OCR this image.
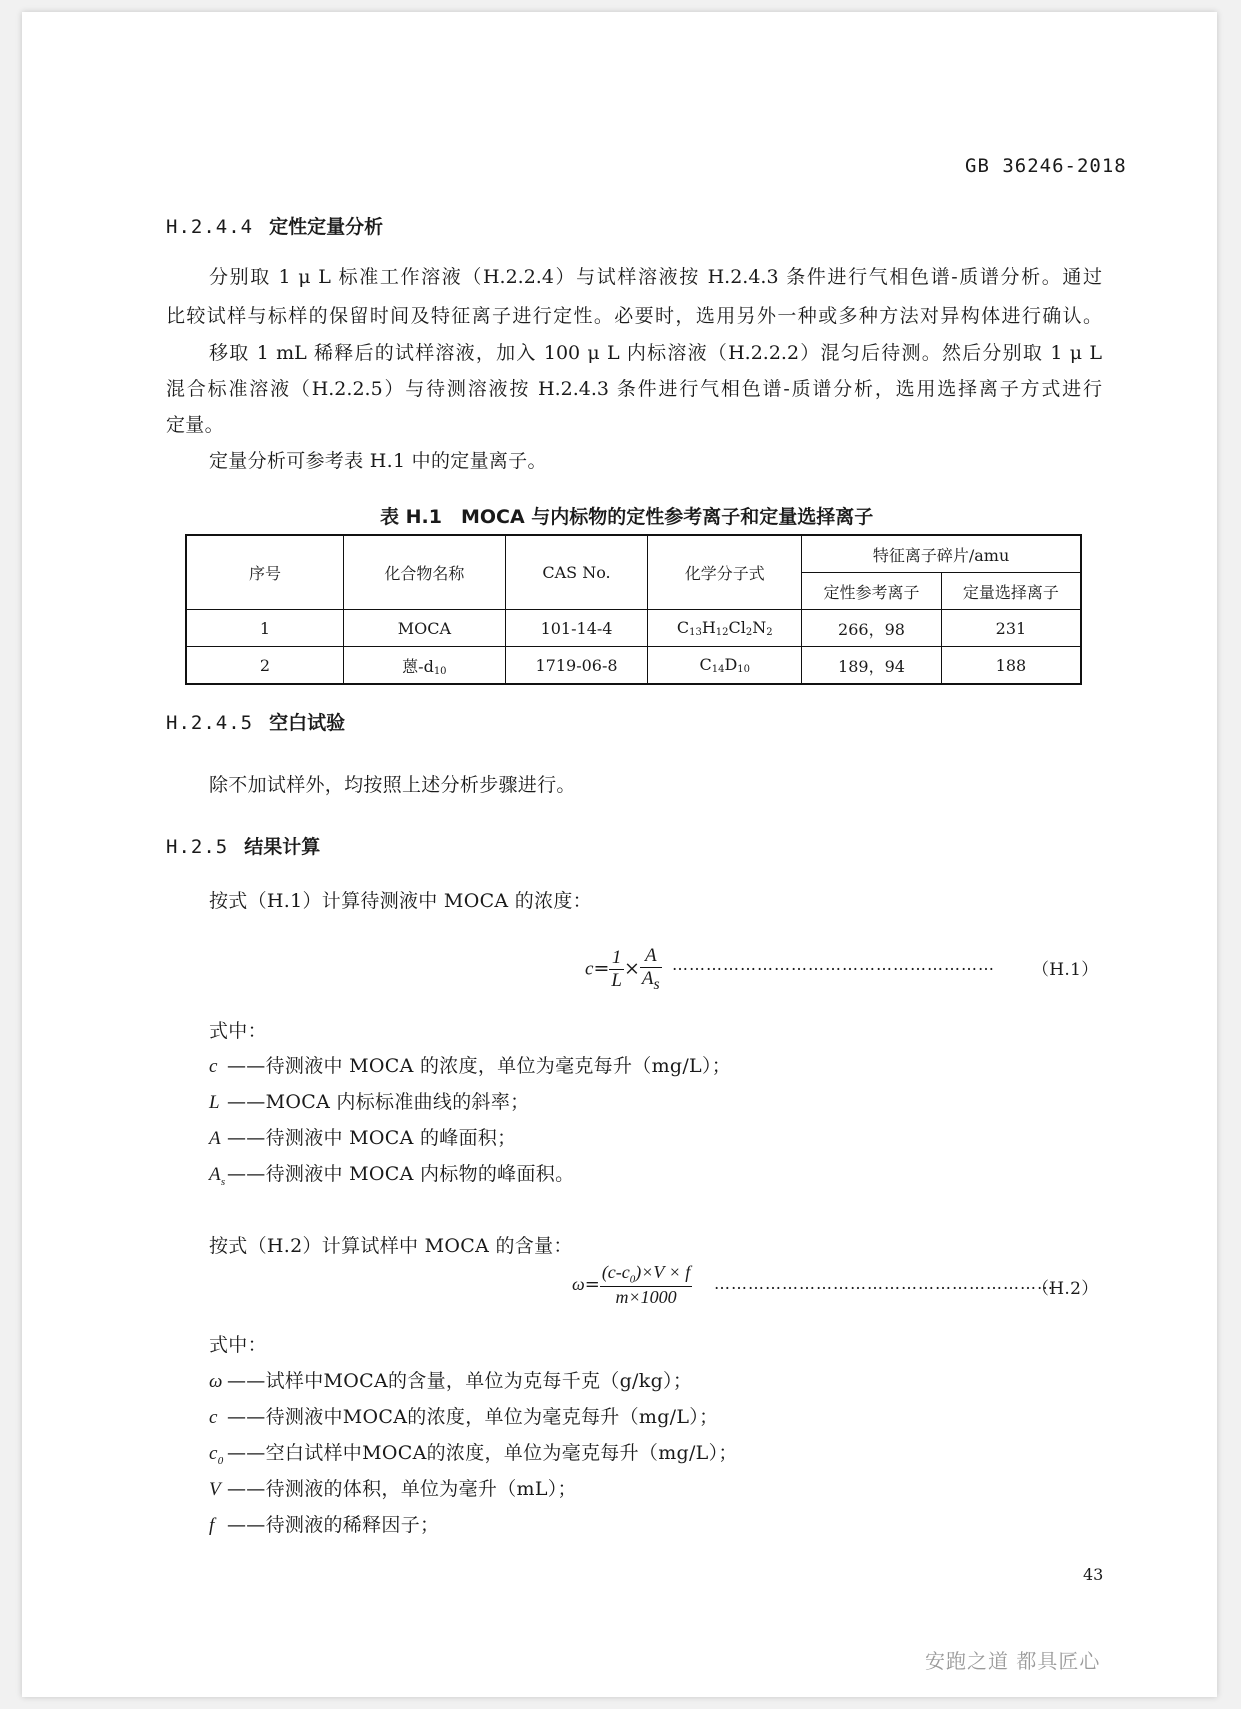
GB 36246-2018
H.2.4.4 定性定量分析
分别取 1 μ L 标准工作溶液（H.2.2.4）与试样溶液按 H.2.4.3 条件进行气相色谱-质谱分析。通过
比较试样与标样的保留时间及特征离子进行定性。必要时，选用另外一种或多种方法对异构体进行确认。
移取 1 mL 稀释后的试样溶液，加入 100 μ L 内标溶液（H.2.2.2）混匀后待测。然后分别取 1 μ L
混合标准溶液（H.2.2.5）与待测溶液按 H.2.4.3 条件进行气相色谱-质谱分析，选用选择离子方式进行
定量。
定量分析可参考表 H.1 中的定量离子。
表 H.1　MOCA 与内标物的定性参考离子和定量选择离子
序号	化合物名称	CAS No.	化学分子式	特征离子碎片/amu	
				定性参考离子	定量选择离子
1	MOCA	101-14-4	$C_{13}H_{12}Cl_2N_2$	266，98	231
2	蒽$-d_{10}$	1719-06-8	$C_{14}D_{10}$	189，94	188
H.2.4.5 空白试验
除不加试样外，均按照上述分析步骤进行。
H.2.5 结果计算
按式（H.1）计算待测液中 MOCA 的浓度：
$c= \frac{1}{L} \times \frac{A}{A_s}$ ………………………………………………… （H.1）
式中：
c ——待测液中 MOCA 的浓度，单位为毫克每升（mg/L）；
L ——MOCA 内标标准曲线的斜率；
A ——待测液中 MOCA 的峰面积；
$A_s——$待测液中 MOCA 内标物的峰面积。
按式（H.2）计算试样中 MOCA 的含量：
$\omega= \frac{(c-c_0)\times V \times f}{m\times 1000}$ ……………………………………………………
（H.2）
式中：
ω ——试样中MOCA的含量，单位为克每千克（g/kg）；
c ——待测液中MOCA的浓度，单位为毫克每升（mg/L）；
$c_0$ ——空白试样中MOCA的浓度，单位为毫克每升（mg/L）；
V ——待测液的体积，单位为毫升（mL）；
f ——待测液的稀释因子；
43
安跑之道 都具匠心
